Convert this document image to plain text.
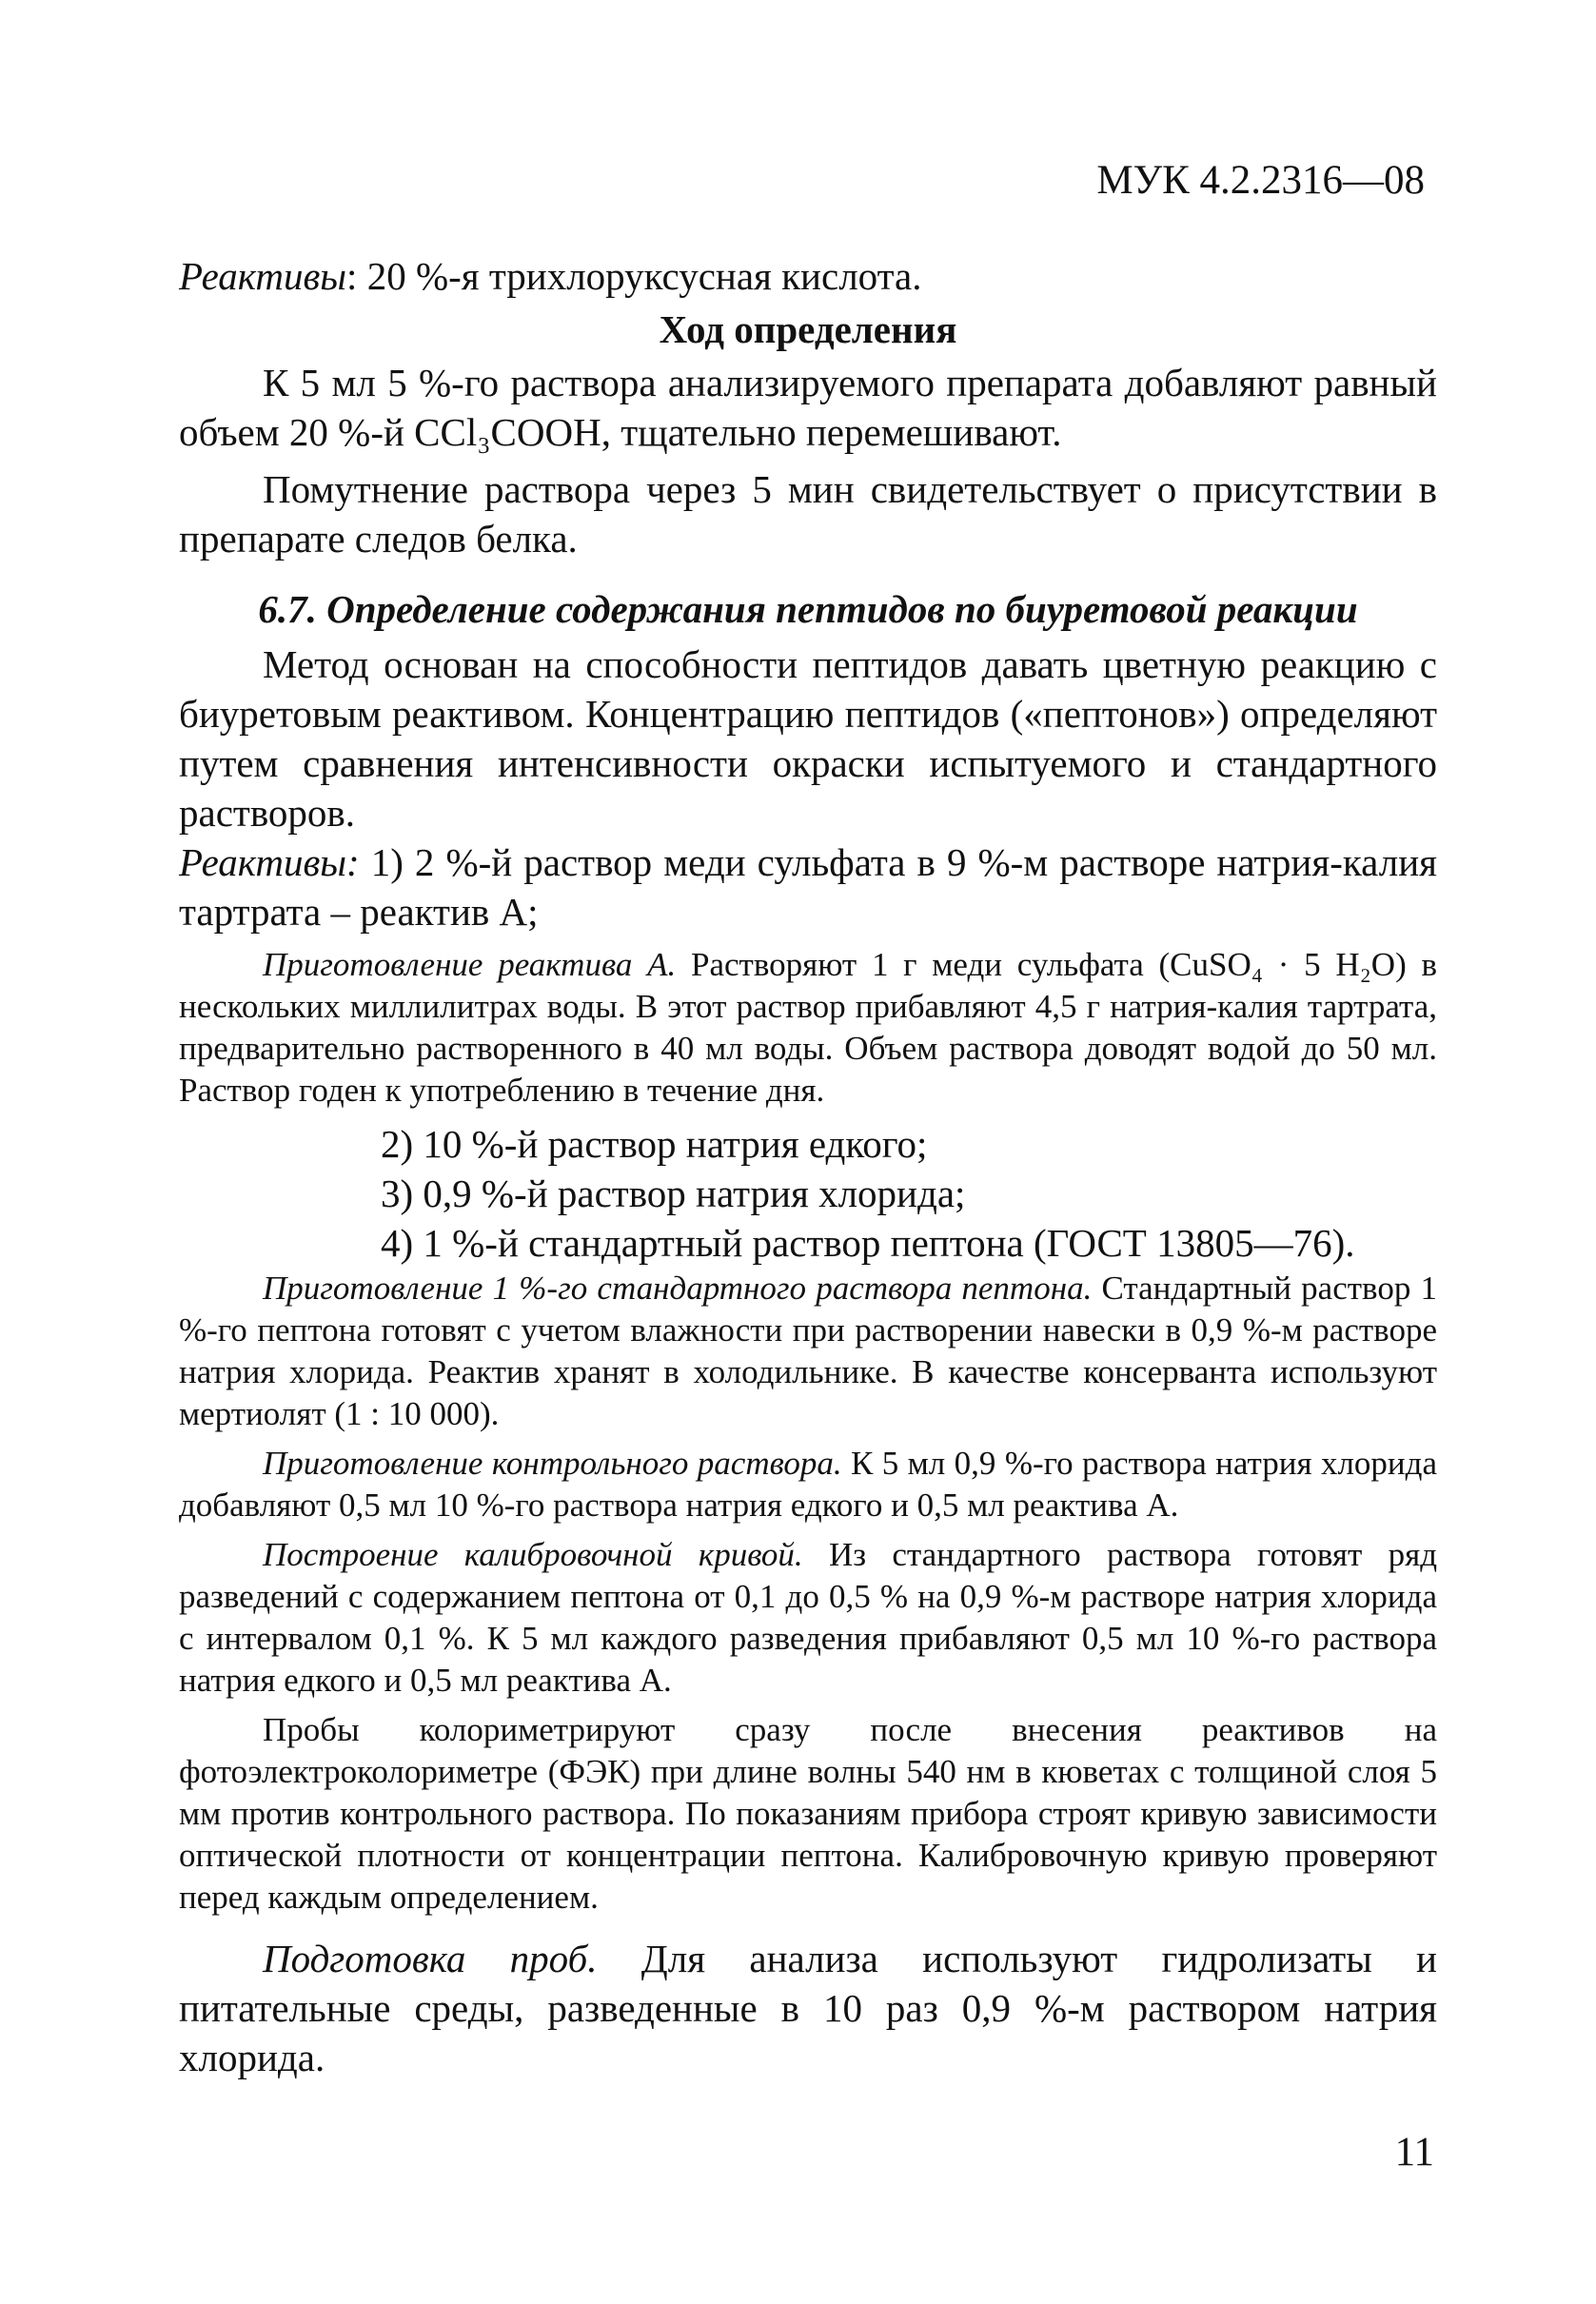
МУК 4.2.2316—08

Реактивы: 20 %-я трихлоруксусная кислота.

Ход определения

К 5 мл 5 %-го раствора анализируемого препарата добавляют равный объем 20 %-й CCl₃COOH, тщательно перемешивают.

Помутнение раствора через 5 мин свидетельствует о присутствии в препарате следов белка.

6.7. Определение содержания пептидов по биуретовой реакции

Метод основан на способности пептидов давать цветную реакцию с биуретовым реактивом. Концентрацию пептидов («пептонов») определяют путем сравнения интенсивности окраски испытуемого и стандартного растворов.

Реактивы: 1) 2 %-й раствор меди сульфата в 9 %-м растворе натрия-калия тартрата – реактив А;

Приготовление реактива А. Растворяют 1 г меди сульфата (CuSO₄ · 5 H₂O) в нескольких миллилитрах воды. В этот раствор прибавляют 4,5 г натрия-калия тартрата, предварительно растворенного в 40 мл воды. Объем раствора доводят водой до 50 мл. Раствор годен к употреблению в течение дня.

2) 10 %-й раствор натрия едкого;

3) 0,9 %-й раствор натрия хлорида;

4) 1 %-й стандартный раствор пептона (ГОСТ 13805—76).

Приготовление 1 %-го стандартного раствора пептона. Стандартный раствор 1 %-го пептона готовят с учетом влажности при растворении навески в 0,9 %-м растворе натрия хлорида. Реактив хранят в холодильнике. В качестве консерванта используют мертиолят (1 : 10 000).

Приготовление контрольного раствора. К 5 мл 0,9 %-го раствора натрия хлорида добавляют 0,5 мл 10 %-го раствора натрия едкого и 0,5 мл реактива А.

Построение калибровочной кривой. Из стандартного раствора готовят ряд разведений с содержанием пептона от 0,1 до 0,5 % на 0,9 %-м растворе натрия хлорида с интервалом 0,1 %. К 5 мл каждого разведения прибавляют 0,5 мл 10 %-го раствора натрия едкого и 0,5 мл реактива А.

Пробы колориметрируют сразу после внесения реактивов на фотоэлектроколориметре (ФЭК) при длине волны 540 нм в кюветах с толщиной слоя 5 мм против контрольного раствора. По показаниям прибора строят кривую зависимости оптической плотности от концентрации пептона. Калибровочную кривую проверяют перед каждым определением.

Подготовка проб. Для анализа используют гидролизаты и питательные среды, разведенные в 10 раз 0,9 %-м раствором натрия хлорида.

11
